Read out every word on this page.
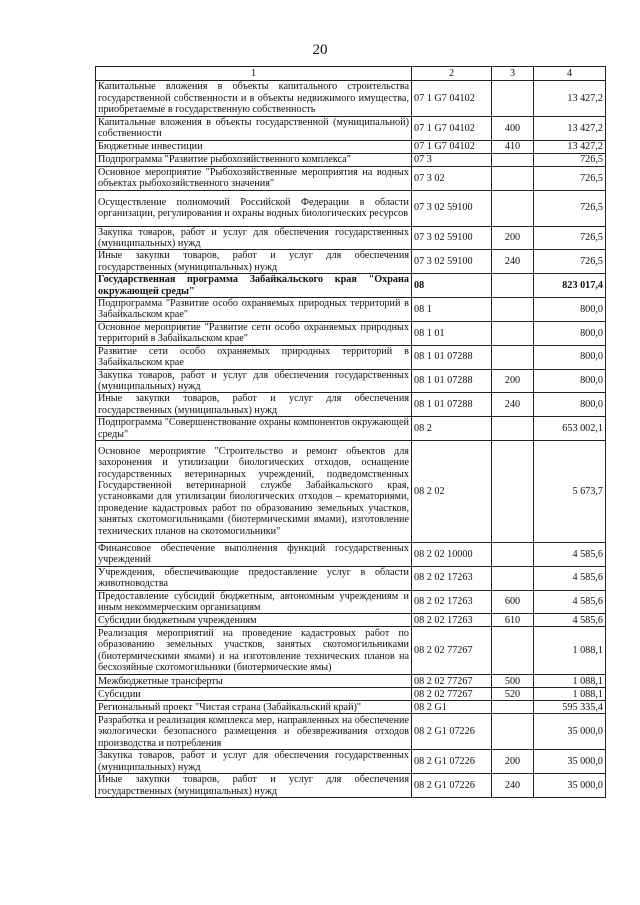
20
1	2	3	4
Капитальные вложения в объекты капитального строительства государственной собственности и в объекты недвижимого имущества, приобретаемые в государственную собственность	07 1 G7 04102		13 427,2
Капитальные вложения в объекты государственной (муниципальной) собственности	07 1 G7 04102	400	13 427,2
Бюджетные инвестиции	07 1 G7 04102	410	13 427,2
Подпрограмма "Развитие рыбохозяйственного комплекса"	07 3		726,5
Основное мероприятие "Рыбохозяйственные мероприятия на водных объектах рыбохозяйственного значения"	07 3 02		726,5
Осуществление полномочий Российской Федерации в области организации, регулирования и охраны водных биологических ресурсов	07 3 02 59100		726,5
Закупка товаров, работ и услуг для обеспечения государственных (муниципальных) нужд	07 3 02 59100	200	726,5
Иные закупки товаров, работ и услуг для обеспечения государственных (муниципальных) нужд	07 3 02 59100	240	726,5
Государственная программа Забайкальского края "Охрана окружающей среды"	08		823 017,4
Подпрограмма "Развитие особо охраняемых природных территорий в Забайкальском крае"	08 1		800,0
Основное мероприятие "Развитие сети особо охраняемых природных территорий в Забайкальском крае"	08 1 01		800,0
Развитие сети особо охраняемых природных территорий в Забайкальском крае	08 1 01 07288		800,0
Закупка товаров, работ и услуг для обеспечения государственных (муниципальных) нужд	08 1 01 07288	200	800,0
Иные закупки товаров, работ и услуг для обеспечения государственных (муниципальных) нужд	08 1 01 07288	240	800,0
Подпрограмма "Совершенствование охраны компонентов окружающей среды"	08 2		653 002,1
Основное мероприятие "Строительство и ремонт объектов для захоронения и утилизации биологических отходов, оснащение государственных ветеринарных учреждений, подведомственных Государственной ветеринарной службе Забайкальского края, установками для утилизации биологических отходов – крематориями, проведение кадастровых работ по образованию земельных участков, занятых скотомогильниками (биотермическими ямами), изготовление технических планов на скотомогильники"	08 2 02		5 673,7
Финансовое обеспечение выполнения функций государственных учреждений	08 2 02 10000		4 585,6
Учреждения, обеспечивающие предоставление услуг в области животноводства	08 2 02 17263		4 585,6
Предоставление субсидий бюджетным, автономным учреждениям и иным некоммерческим организациям	08 2 02 17263	600	4 585,6
Субсидии бюджетным учреждениям	08 2 02 17263	610	4 585,6
Реализация мероприятий на проведение кадастровых работ по образованию земельных участков, занятых скотомогильниками (биотермическими ямами) и на изготовление технических планов на бесхозяйные скотомогильники (биотермические ямы)	08 2 02 77267		1 088,1
Межбюджетные трансферты	08 2 02 77267	500	1 088,1
Субсидии	08 2 02 77267	520	1 088,1
Региональный проект "Чистая страна (Забайкальский край)"	08 2 G1		595 335,4
Разработка и реализация комплекса мер, направленных на обеспечение экологически безопасного размещения и обезвреживания отходов производства и потребления	08 2 G1 07226		35 000,0
Закупка товаров, работ и услуг для обеспечения государственных (муниципальных) нужд	08 2 G1 07226	200	35 000,0
Иные закупки товаров, работ и услуг для обеспечения государственных (муниципальных) нужд	08 2 G1 07226	240	35 000,0
